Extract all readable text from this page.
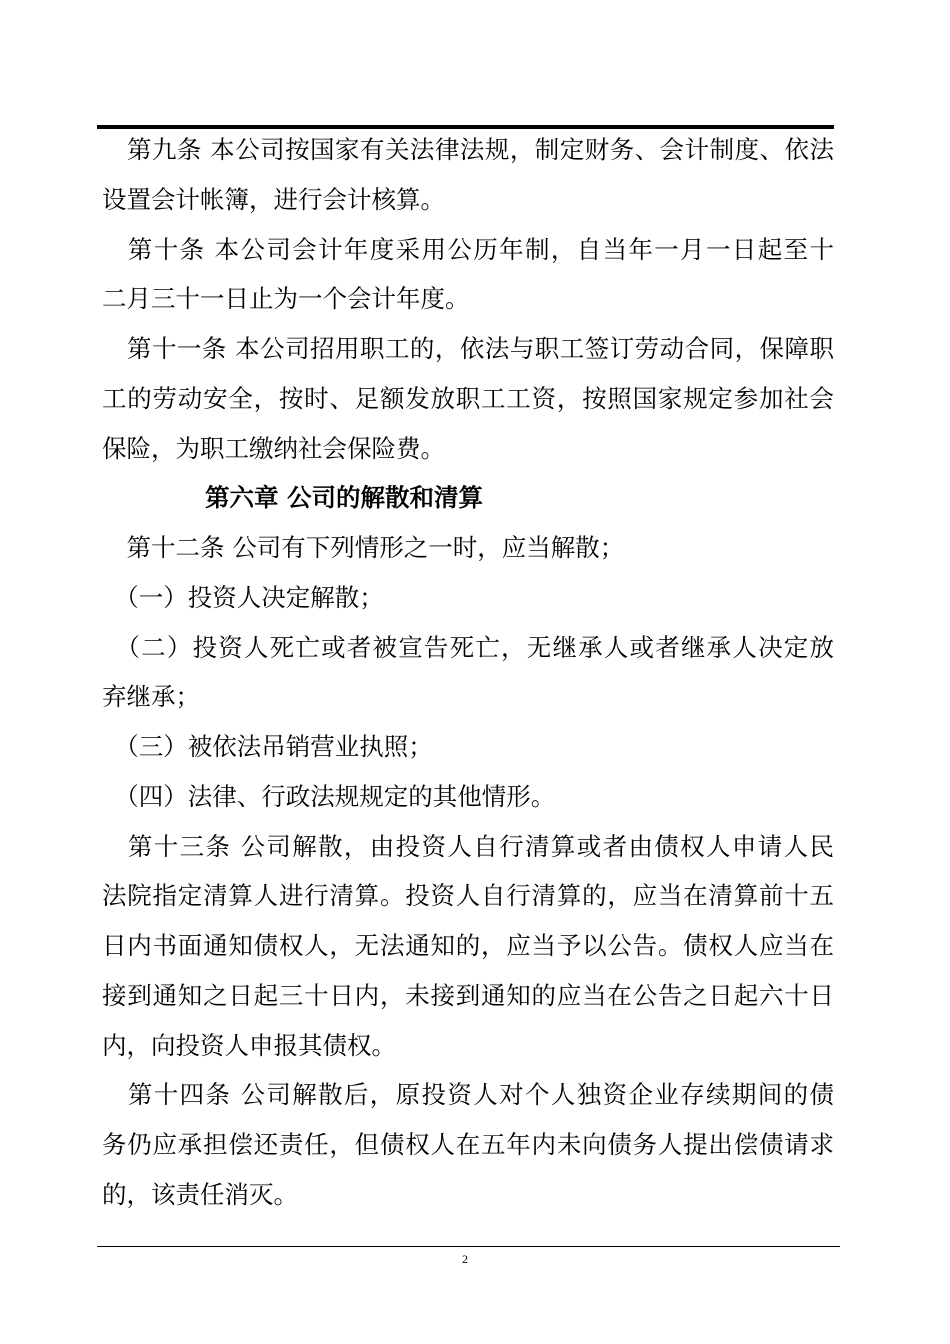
　第九条 本公司按国家有关法律法规，制定财务、会计制度、依法
设置会计帐簿，进行会计核算。
　第十条 本公司会计年度采用公历年制，自当年一月一日起至十
二月三十一日止为一个会计年度。
　第十一条 本公司招用职工的，依法与职工签订劳动合同，保障职
工的劳动安全，按时、足额发放职工工资，按照国家规定参加社会
保险，为职工缴纳社会保险费。
第六章 公司的解散和清算
　第十二条 公司有下列情形之一时，应当解散；
　（一）投资人决定解散；
　（二）投资人死亡或者被宣告死亡，无继承人或者继承人决定放
弃继承；
　（三）被依法吊销营业执照；
　（四）法律、行政法规规定的其他情形。
　第十三条 公司解散，由投资人自行清算或者由债权人申请人民
法院指定清算人进行清算。投资人自行清算的，应当在清算前十五
日内书面通知债权人，无法通知的，应当予以公告。债权人应当在
接到通知之日起三十日内，未接到通知的应当在公告之日起六十日
内，向投资人申报其债权。
　第十四条 公司解散后，原投资人对个人独资企业存续期间的债
务仍应承担偿还责任，但债权人在五年内未向债务人提出偿债请求
的，该责任消灭。
2
